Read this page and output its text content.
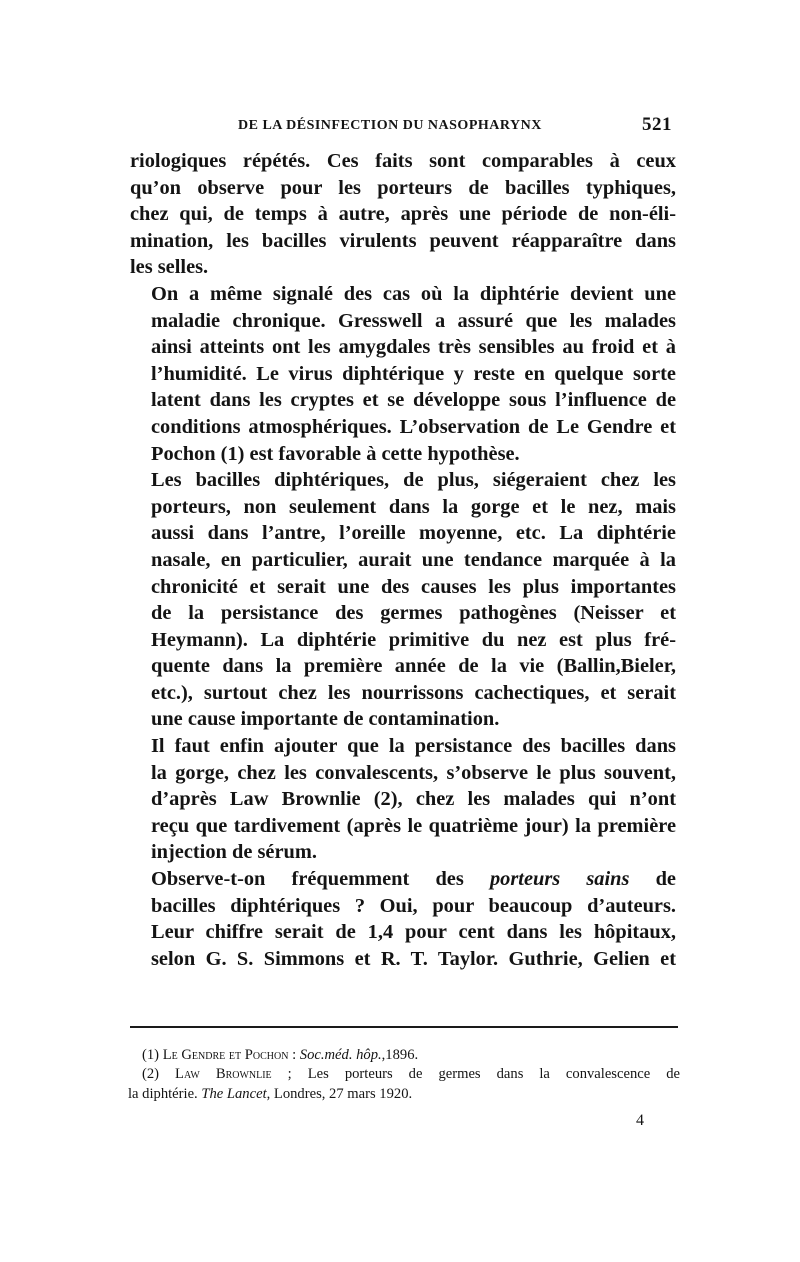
DE LA DÉSINFECTION DU NASOPHARYNX	521

riologiques répétés. Ces faits sont comparables à ceux
qu’on observe pour les porteurs de bacilles typhiques,
chez qui, de temps à autre, après une période de non-éli-
mination, les bacilles virulents peuvent réapparaître dans
les selles.

On a même signalé des cas où la diphtérie devient une
maladie chronique. Gresswell a assuré que les malades
ainsi atteints ont les amygdales très sensibles au froid et à
l’humidité. Le virus diphtérique y reste en quelque sorte
latent dans les cryptes et se développe sous l’influence de
conditions atmosphériques. L’observation de Le Gendre et
Pochon (1) est favorable à cette hypothèse.

Les bacilles diphtériques, de plus, siégeraient chez les
porteurs, non seulement dans la gorge et le nez, mais
aussi dans l’antre, l’oreille moyenne, etc. La diphtérie
nasale, en particulier, aurait une tendance marquée à la
chronicité et serait une des causes les plus importantes
de la persistance des germes pathogènes (Neisser et
Heymann). La diphtérie primitive du nez est plus fré-
quente dans la première année de la vie (Ballin,Bieler,
etc.), surtout chez les nourrissons cachectiques, et serait
une cause importante de contamination.

Il faut enfin ajouter que la persistance des bacilles dans
la gorge, chez les convalescents, s’observe le plus souvent,
d’après Law Brownlie (2), chez les malades qui n’ont
reçu que tardivement (après le quatrième jour) la première
injection de sérum.

Observe-t-on fréquemment des porteurs sains de
bacilles diphtériques ? Oui, pour beaucoup d’auteurs.
Leur chiffre serait de 1,4 pour cent dans les hôpitaux,
selon G. S. Simmons et R. T. Taylor. Guthrie, Gelien et

(1) Le Gendre et Pochon : Soc.méd. hôp.,1896.
(2) Law Brownlie ; Les porteurs de germes dans la convalescence de
la diphtérie. The Lancet, Londres, 27 mars 1920.
4
